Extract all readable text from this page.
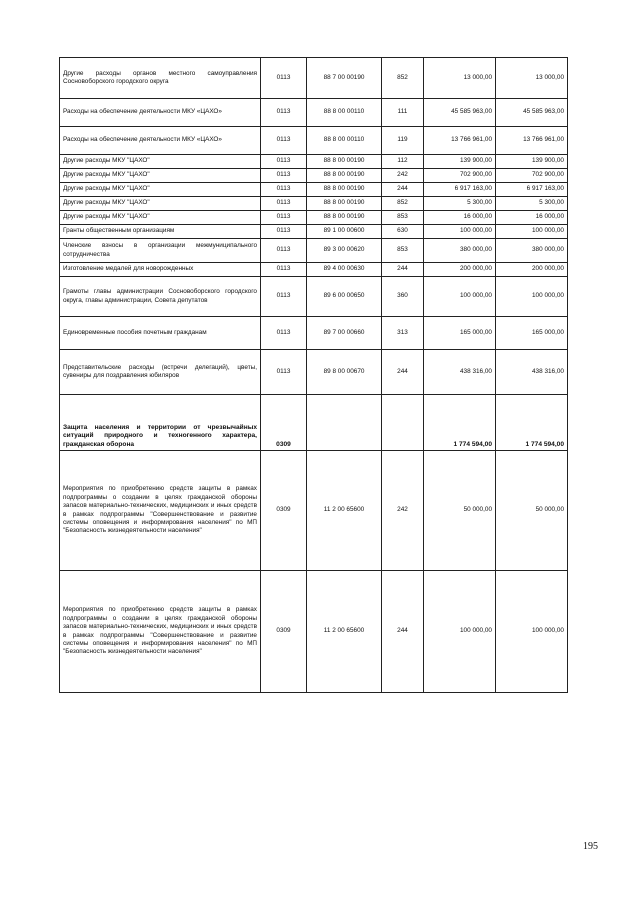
Другие расходы органов местного самоуправления Сосновоборского городского округа	0113	88 7 00 00190	852	13 000,00	13 000,00
Расходы на обеспечение деятельности МКУ «ЦАХО»	0113	88 8 00 00110	111	45 585 963,00	45 585 963,00
Расходы на обеспечение деятельности МКУ «ЦАХО»	0113	88 8 00 00110	119	13 766 961,00	13 766 961,00
Другие расходы МКУ "ЦАХО"	0113	88 8 00 00190	112	139 900,00	139 900,00
Другие расходы МКУ "ЦАХО"	0113	88 8 00 00190	242	702 900,00	702 900,00
Другие расходы МКУ "ЦАХО"	0113	88 8 00 00190	244	6 917 163,00	6 917 163,00
Другие расходы МКУ "ЦАХО"	0113	88 8 00 00190	852	5 300,00	5 300,00
Другие расходы МКУ "ЦАХО"	0113	88 8 00 00190	853	16 000,00	16 000,00
Гранты общественным организациям	0113	89 1 00 00600	630	100 000,00	100 000,00
Членские взносы в организации межмуниципального сотрудничества	0113	89 3 00 00620	853	380 000,00	380 000,00
Изготовление медалей для новорожденных	0113	89 4 00 00630	244	200 000,00	200 000,00
Грамоты главы администрации Сосновоборского городского округа, главы администрации, Совета депутатов	0113	89 6 00 00650	360	100 000,00	100 000,00
Единовременные пособия почетным гражданам	0113	89 7 00 00660	313	165 000,00	165 000,00
Представительские расходы (встречи делегаций), цветы, сувениры для поздравления юбиляров	0113	89 8 00 00670	244	438 316,00	438 316,00
Защита населения и территории от чрезвычайных ситуаций природного и техногенного характера, гражданская оборона	0309			1 774 594,00	1 774 594,00
Мероприятия по приобретению средств защиты в рамках подпрограммы о создании в целях гражданской обороны запасов материально-технических, медицинских и иных средств в рамках подпрограммы "Совершенствование и развитие системы оповещения и информирования населения" по МП "Безопасность жизнедеятельности населения"	0309	11 2 00 65600	242	50 000,00	50 000,00
Мероприятия по приобретению средств защиты в рамках подпрограммы о создании в целях гражданской обороны запасов материально-технических, медицинских и иных средств в рамках подпрограммы "Совершенствование и развитие системы оповещения и информирования населения" по МП "Безопасность жизнедеятельности населения"	0309	11 2 00 65600	244	100 000,00	100 000,00
195
